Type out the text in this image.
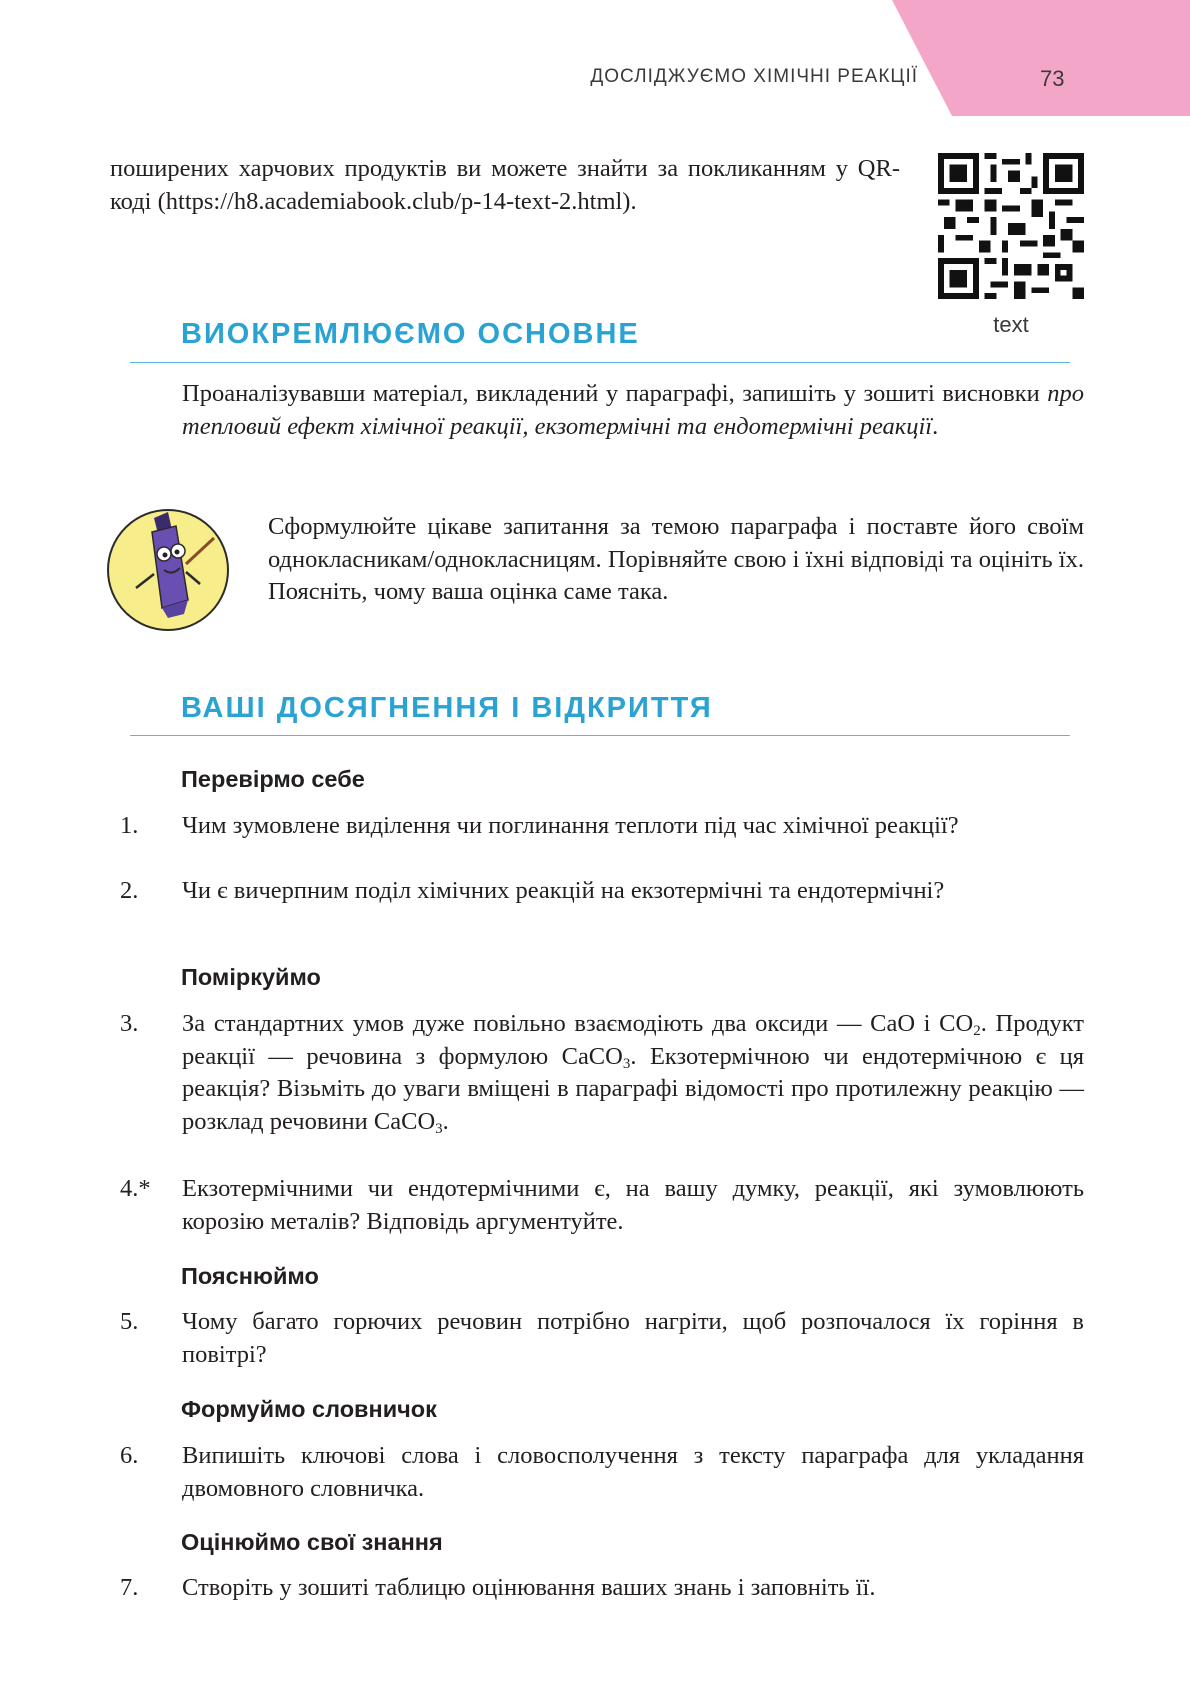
ДОСЛІДЖУЄМО ХІМІЧНІ РЕАКЦІЇ	73
поширених харчових продуктів ви можете знайти за покликанням у QR-коді (https://h8.academiabook.club/p-14-text-2.html).
text
ВИОКРЕМЛЮЄМО ОСНОВНЕ
Проаналізувавши матеріал, викладений у параграфі, запишіть у зошиті висновки про тепловий ефект хімічної реакції, екзотермічні та ендотермічні реакції.
Сформулюйте цікаве запитання за темою параграфа і поставте його своїм однокласникам/однокласницям. Порівняйте свою і їхні відповіді та оцініть їх. Поясніть, чому ваша оцінка саме така.
ВАШІ ДОСЯГНЕННЯ І ВІДКРИТТЯ
Перевірмо себе
1. Чим зумовлене виділення чи поглинання теплоти під час хімічної реакції?
2. Чи є вичерпним поділ хімічних реакцій на екзотермічні та ендотермічні?
Поміркуймо
3. За стандартних умов дуже повільно взаємодіють два оксиди — CaO і $CO_2$. Продукт реакції — речовина з формулою CaCO$_3$. Екзотермічною чи ендотермічною є ця реакція? Візьміть до уваги вміщені в параграфі відомості про протилежну реакцію — розклад речовини CaCO$_3$.
4.* Екзотермічними чи ендотермічними є, на вашу думку, реакції, які зумовлюють корозію металів? Відповідь аргументуйте.
Пояснюймо
5. Чому багато горючих речовин потрібно нагріти, щоб розпочалося їх горіння в повітрі?
Формуймо словничок
6. Випишіть ключові слова і словосполучення з тексту параграфа для укладання двомовного словничка.
Оцінюймо свої знання
7. Створіть у зошиті таблицю оцінювання ваших знань і заповніть її.
